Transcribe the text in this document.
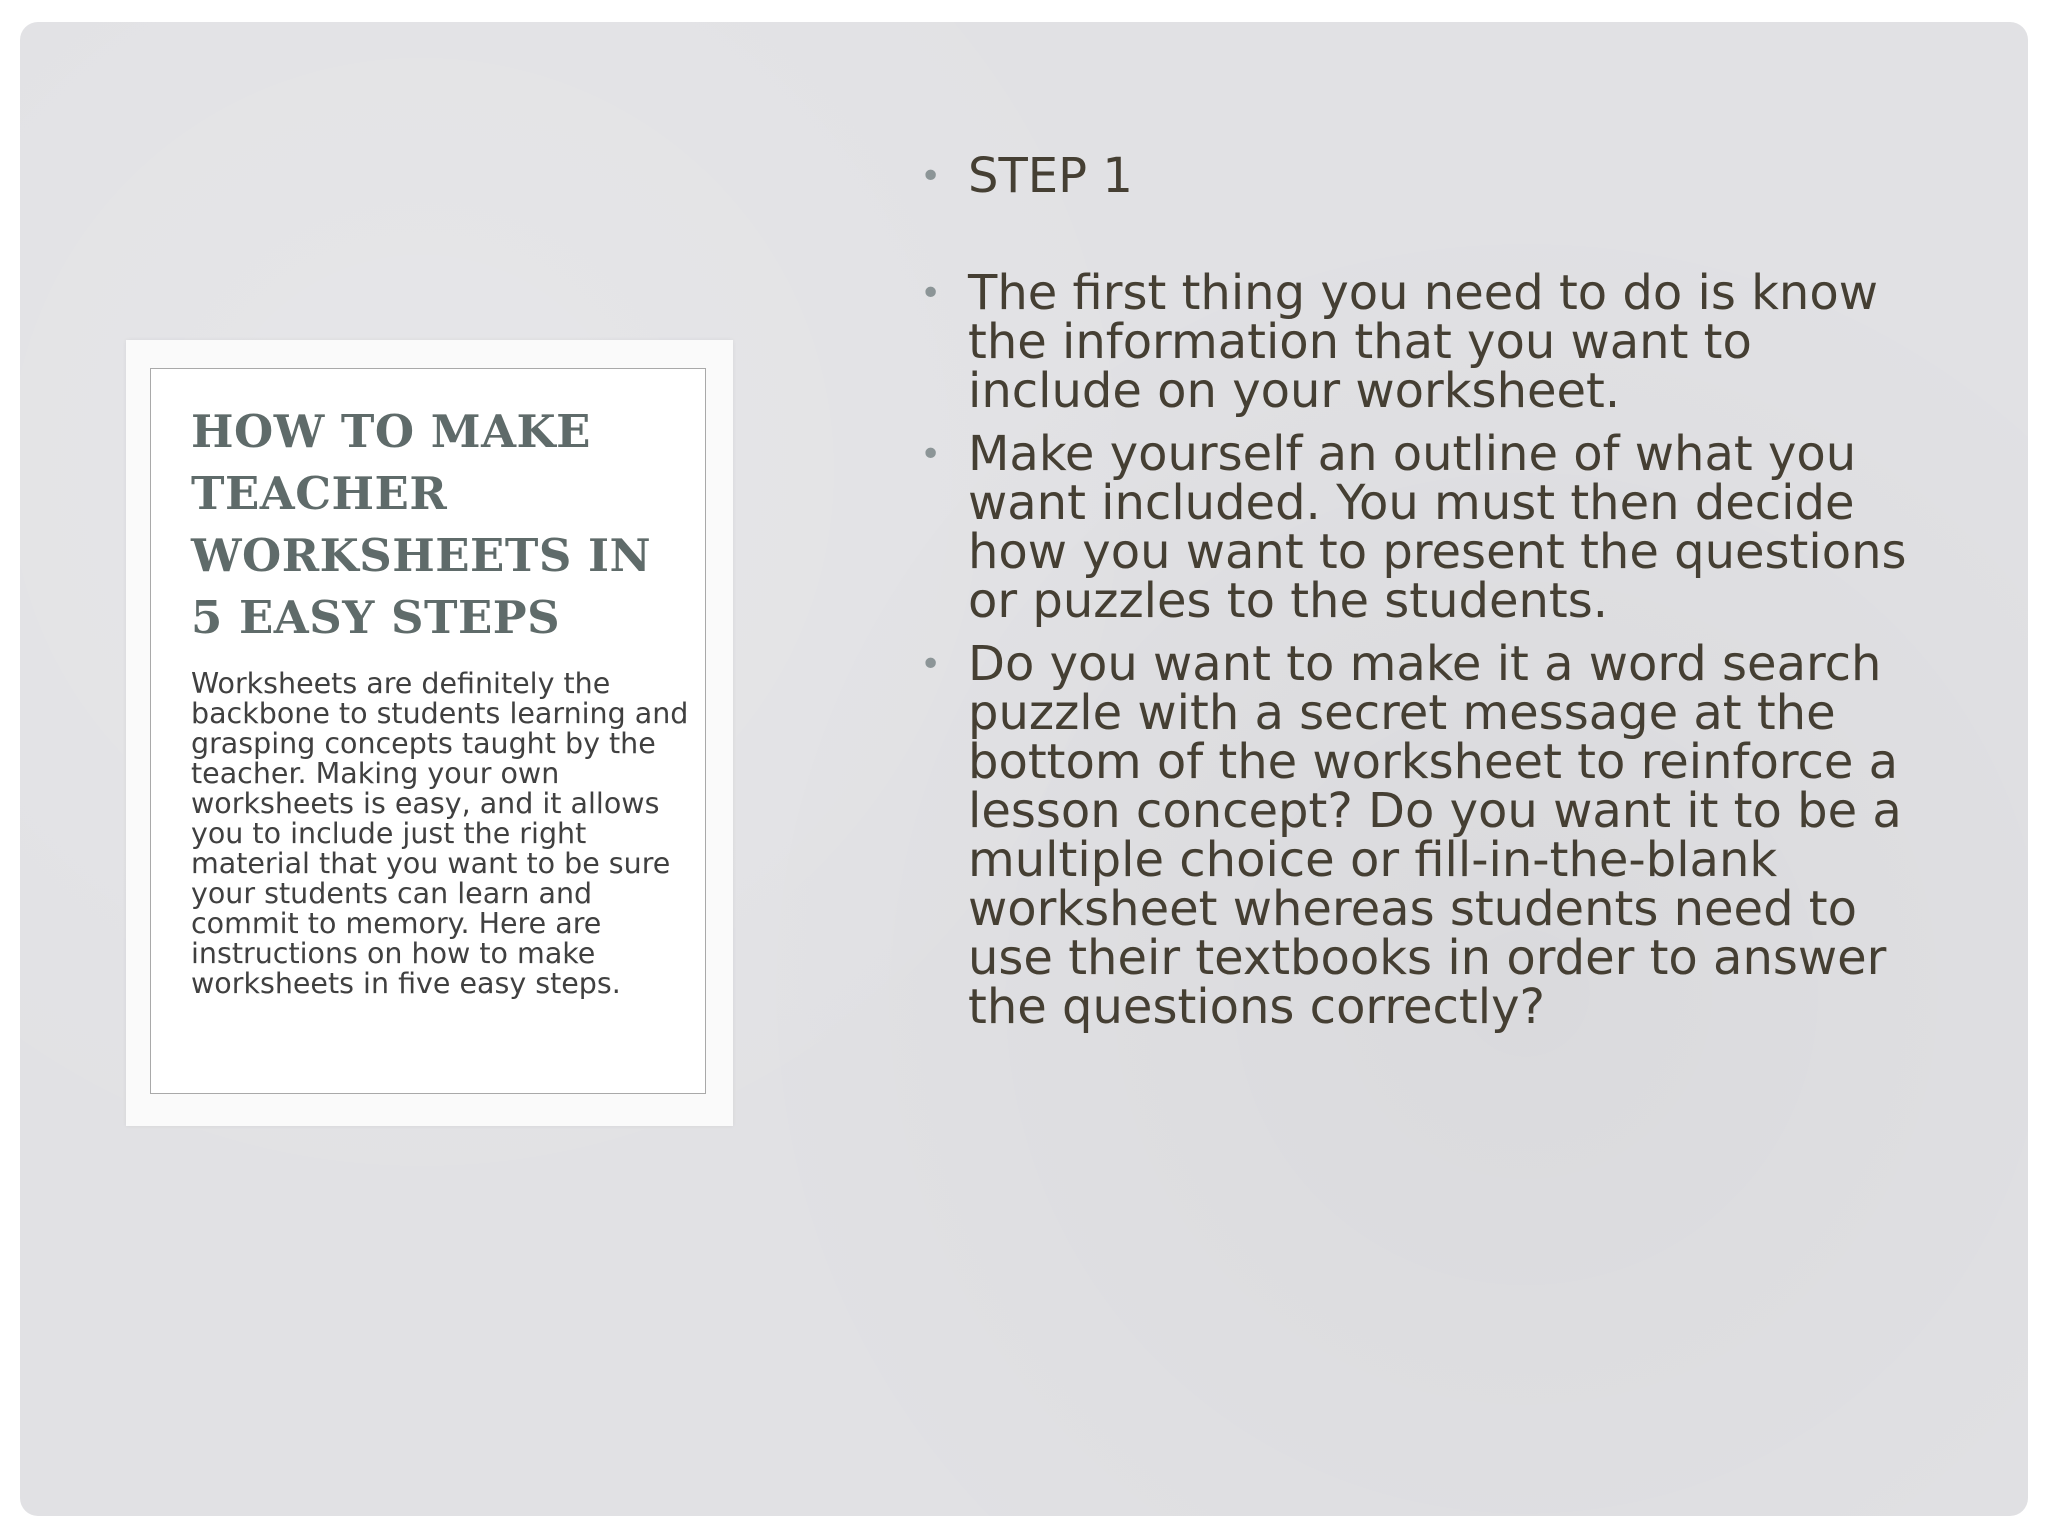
HOW TO MAKE TEACHER WORKSHEETS IN 5 EASY STEPS

Worksheets are definitely the backbone to students learning and grasping concepts taught by the teacher. Making your own worksheets is easy, and it allows you to include just the right material that you want to be sure your students can learn and commit to memory. Here are instructions on how to make worksheets in five easy steps.

• STEP 1
• The first thing you need to do is know the information that you want to include on your worksheet.
• Make yourself an outline of what you want included. You must then decide how you want to present the questions or puzzles to the students.
• Do you want to make it a word search puzzle with a secret message at the bottom of the worksheet to reinforce a lesson concept? Do you want it to be a multiple choice or fill-in-the-blank worksheet whereas students need to use their textbooks in order to answer the questions correctly?
